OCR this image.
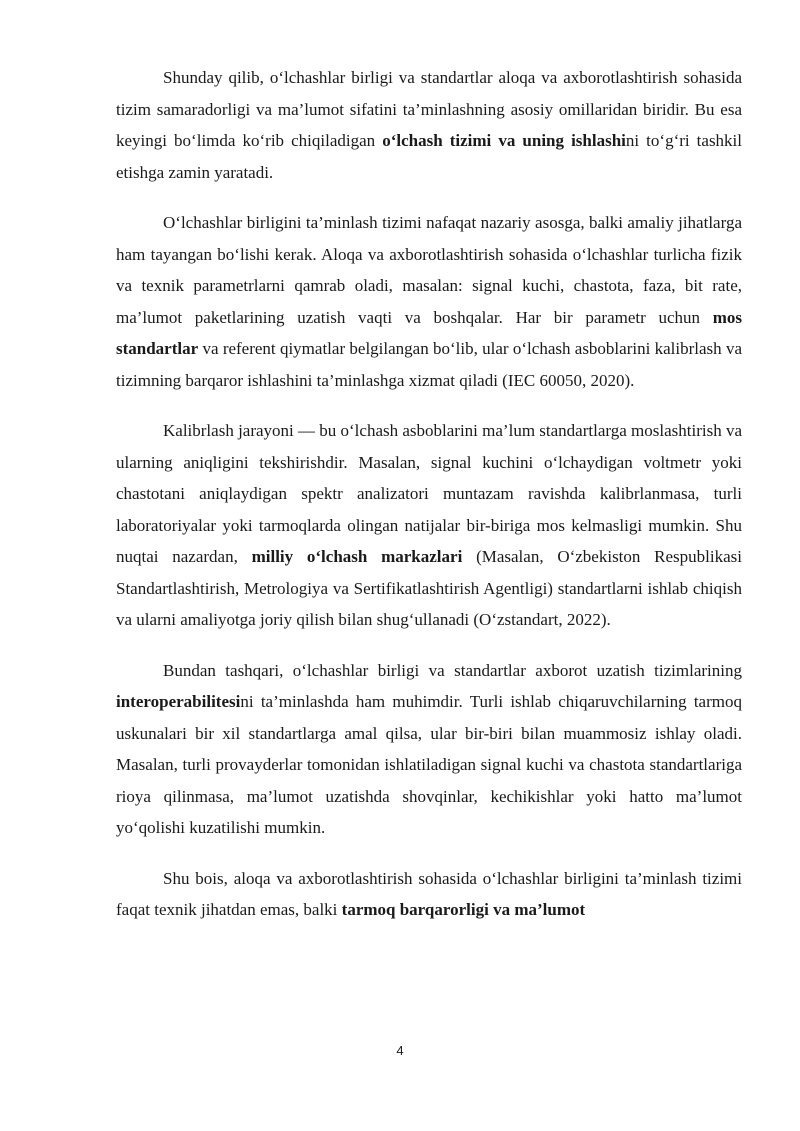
Shunday qilib, o‘lchashlar birligi va standartlar aloqa va axborotlashtirish sohasida tizim samaradorligi va ma’lumot sifatini ta’minlashning asosiy omillaridan biridir. Bu esa keyingi bo‘limda ko‘rib chiqiladigan o‘lchash tizimi va uning ishlashini to‘g‘ri tashkil etishga zamin yaratadi.

O‘lchashlar birligini ta’minlash tizimi nafaqat nazariy asosga, balki amaliy jihatlarga ham tayangan bo‘lishi kerak. Aloqa va axborotlashtirish sohasida o‘lchashlar turlicha fizik va texnik parametrlarni qamrab oladi, masalan: signal kuchi, chastota, faza, bit rate, ma’lumot paketlarining uzatish vaqti va boshqalar. Har bir parametr uchun mos standartlar va referent qiymatlar belgilangan bo‘lib, ular o‘lchash asboblarini kalibrlash va tizimning barqaror ishlashini ta’minlashga xizmat qiladi (IEC 60050, 2020).

Kalibrlash jarayoni — bu o‘lchash asboblarini ma’lum standartlarga moslashtirish va ularning aniqligini tekshirishdir. Masalan, signal kuchini o‘lchaydigan voltmetr yoki chastotani aniqlaydigan spektr analizatori muntazam ravishda kalibrlanmasa, turli laboratoriyalar yoki tarmoqlarda olingan natijalar bir-biriga mos kelmasligi mumkin. Shu nuqtai nazardan, milliy o‘lchash markazlari (Masalan, O‘zbekiston Respublikasi Standartlashtirish, Metrologiya va Sertifikatlashtirish Agentligi) standartlarni ishlab chiqish va ularni amaliyotga joriy qilish bilan shug‘ullanadi (O‘zstandart, 2022).

Bundan tashqari, o‘lchashlar birligi va standartlar axborot uzatish tizimlarining interoperabilitesini ta’minlashda ham muhimdir. Turli ishlab chiqaruvchilarning tarmoq uskunalari bir xil standartlarga amal qilsa, ular bir-biri bilan muammosiz ishlay oladi. Masalan, turli provayderlar tomonidan ishlatiladigan signal kuchi va chastota standartlariga rioya qilinmasa, ma’lumot uzatishda shovqinlar, kechikishlar yoki hatto ma’lumot yo‘qolishi kuzatilishi mumkin.

Shu bois, aloqa va axborotlashtirish sohasida o‘lchashlar birligini ta’minlash tizimi faqat texnik jihatdan emas, balki tarmoq barqarorligi va ma’lumot

4
